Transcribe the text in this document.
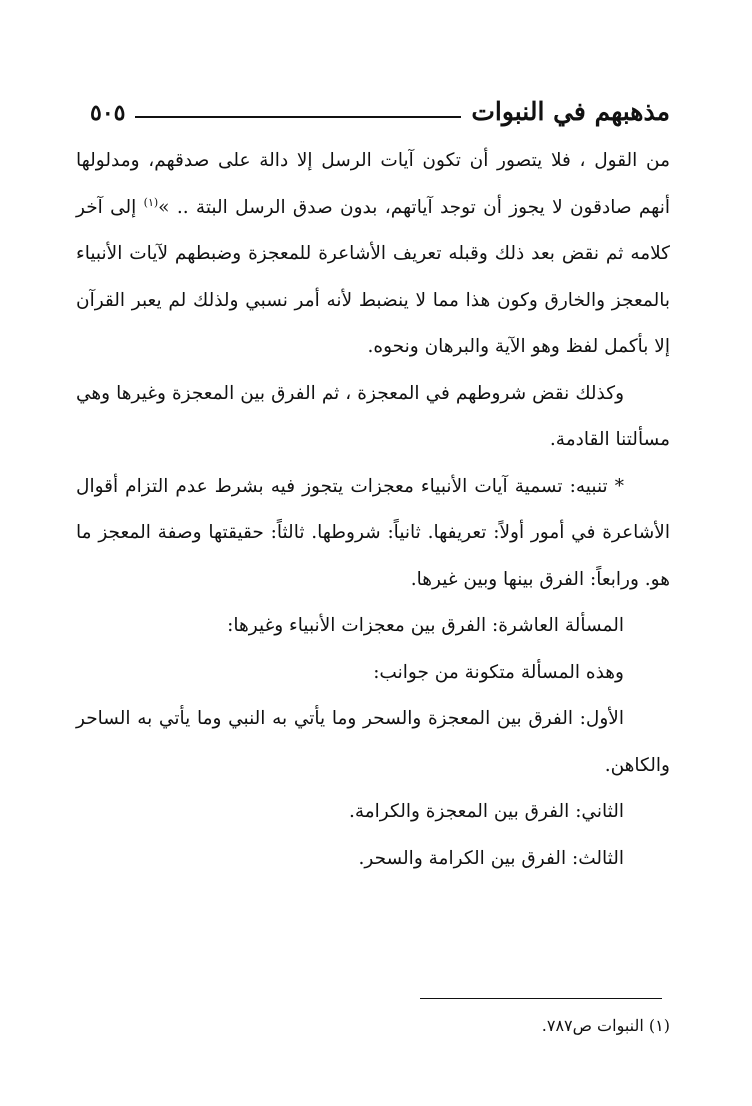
مذهبهم في النبوات
٥٠٥

من القول ، فلا يتصور أن تكون آيات الرسل إلا دالة على صدقهم، ومدلولها أنهم صادقون لا يجوز أن توجد آياتهم، بدون صدق الرسل البتة .. »$^{(١)}$ إلى آخر كلامه ثم نقض بعد ذلك وقبله تعريف الأشاعرة للمعجزة وضبطهم لآيات الأنبياء بالمعجز والخارق وكون هذا مما لا ينضبط لأنه أمر نسبي ولذلك لم يعبر القرآن إلا بأكمل لفظ وهو الآية والبرهان ونحوه.

وكذلك نقض شروطهم في المعجزة ، ثم الفرق بين المعجزة وغيرها وهي مسألتنا القادمة.

* تنبيه: تسمية آيات الأنبياء معجزات يتجوز فيه بشرط عدم التزام أقوال الأشاعرة في أمور أولاً: تعريفها. ثانياً: شروطها. ثالثاً: حقيقتها وصفة المعجز ما هو. ورابعاً: الفرق بينها وبين غيرها.

المسألة العاشرة: الفرق بين معجزات الأنبياء وغيرها:

وهذه المسألة متكونة من جوانب:

الأول: الفرق بين المعجزة والسحر وما يأتي به النبي وما يأتي به الساحر والكاهن.

الثاني: الفرق بين المعجزة والكرامة.

الثالث: الفرق بين الكرامة والسحر.

(١) النبوات ص٧٨٧.
